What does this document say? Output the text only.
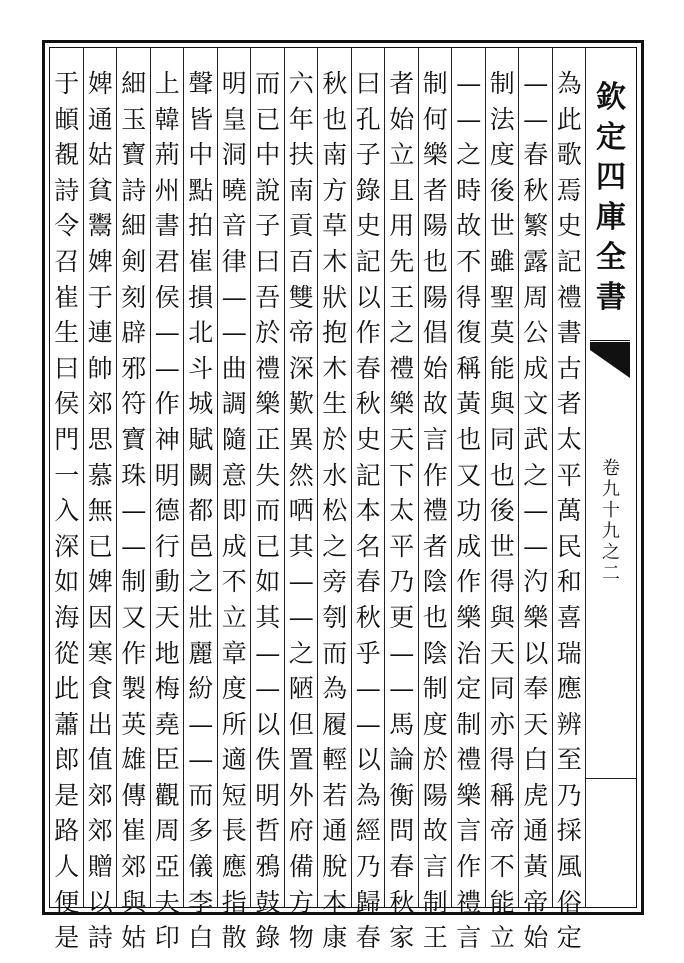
為
此
歌
焉
史
記
禮
書
古
者
太
平
萬
民
和
喜
瑞
應
辨
至
乃
採
風
俗
定
—
—
春
秋
繁
露
周
公
成
文
武
之
—
—
汋
樂
以
奉
天
白
虎
通
黃
帝
始
制
法
度
後
世
雖
聖
莫
能
與
同
也
後
世
得
與
天
同
亦
得
稱
帝
不
能
立
—
—
之
時
故
不
得
復
稱
黃
也
又
功
成
作
樂
治
定
制
禮
樂
言
作
禮
言
制
何
樂
者
陽
也
陽
倡
始
故
言
作
禮
者
陰
也
陰
制
度
於
陽
故
言
制
王
者
始
立
且
用
先
王
之
禮
樂
天
下
太
平
乃
更
—
—
馬
論
衡
問
春
秋
家
曰
孔
子
錄
史
記
以
作
春
秋
史
記
本
名
春
秋
乎
—
—
以
為
經
乃
歸
春
秋
也
南
方
草
木
狀
抱
木
生
於
水
松
之
旁
刳
而
為
履
輕
若
通
脫
本
康
六
年
扶
南
貢
百
雙
帝
深
歎
異
然
哂
其
—
—
之
陋
但
置
外
府
備
方
物
而
已
中
說
子
曰
吾
於
禮
樂
正
失
而
已
如
其
—
—
以
佚
明
哲
鴉
鼓
錄
明
皇
洞
曉
音
律
—
—
曲
調
隨
意
即
成
不
立
章
度
所
適
短
長
應
指
散
聲
皆
中
點
拍
崔
損
北
斗
城
賦
闕
都
邑
之
壯
麗
紛
—
—
而
多
儀
李
白
上
韓
荊
州
書
君
侯
—
—
作
神
明
德
行
動
天
地
梅
堯
臣
觀
周
亞
夫
印
細
玉
寶
詩
細
剣
刻
辟
邪
符
寶
珠
—
—
制
又
作
製
英
雄
傳
崔
郊
與
姑
婢
通
姑
貧
鬻
婢
于
連
帥
郊
思
慕
無
已
婢
因
寒
食
出
值
郊
郊
贈
以
詩
于
頔
覩
詩
令
召
崔
生
曰
侯
門
一
入
深
如
海
從
此
蕭
郎
是
路
人
便
是
欽
定
四
庫
全
書
卷
九
十
九
之
二
